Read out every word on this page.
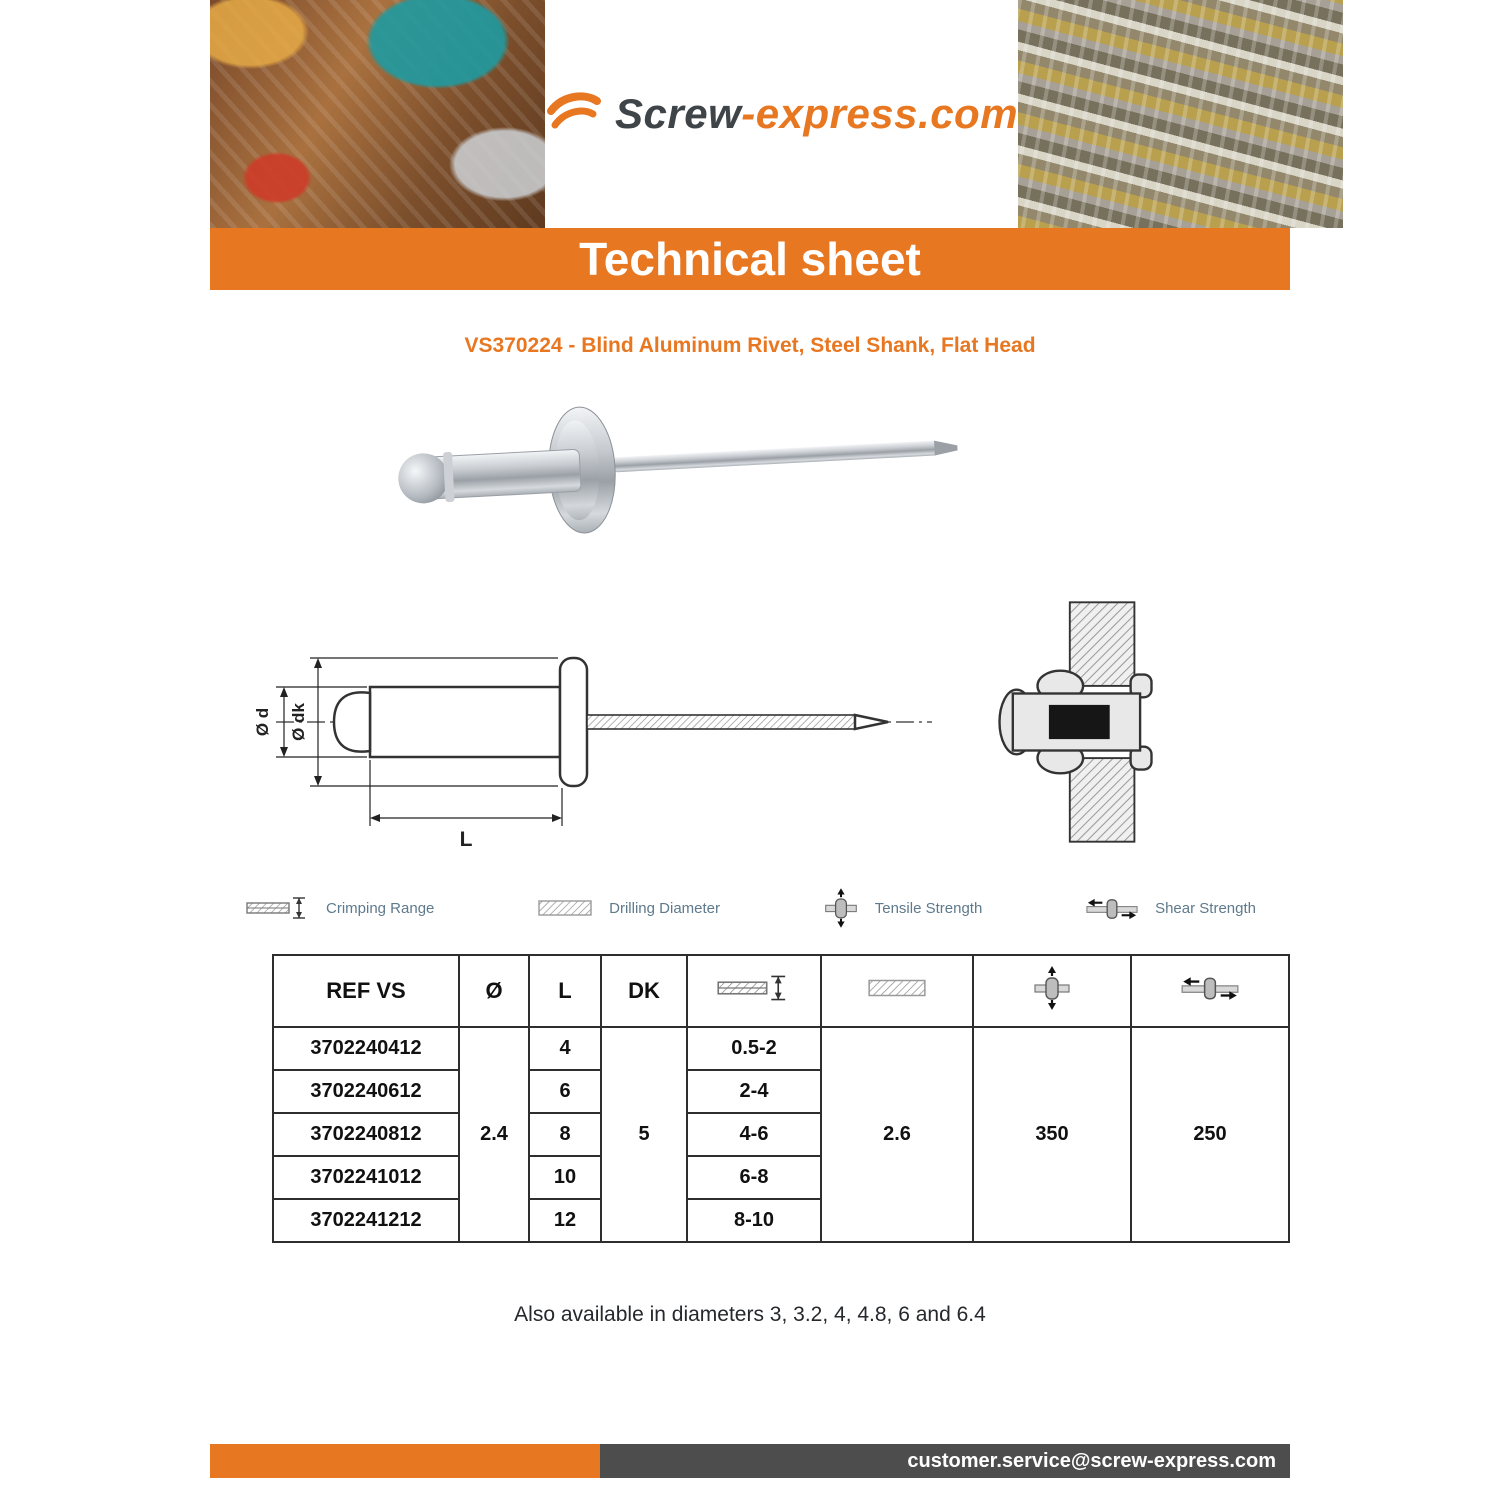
Screw-express.com
Technical sheet
VS370224 - Blind Aluminum Rivet, Steel Shank, Flat Head
Ø d Ø dk
L
Crimping Range	Drilling Diameter	Tensile Strength	Shear Strength
REF VS	Ø	L	DK				
3702240412	2.4	4	5	0.5-2	2.6	350	250
3702240612		6		2-4			
3702240812		8		4-6			
3702241012		10		6-8			
3702241212		12		8-10			
Also available in diameters 3, 3.2, 4, 4.8, 6 and 6.4
customer.service@screw-express.com
